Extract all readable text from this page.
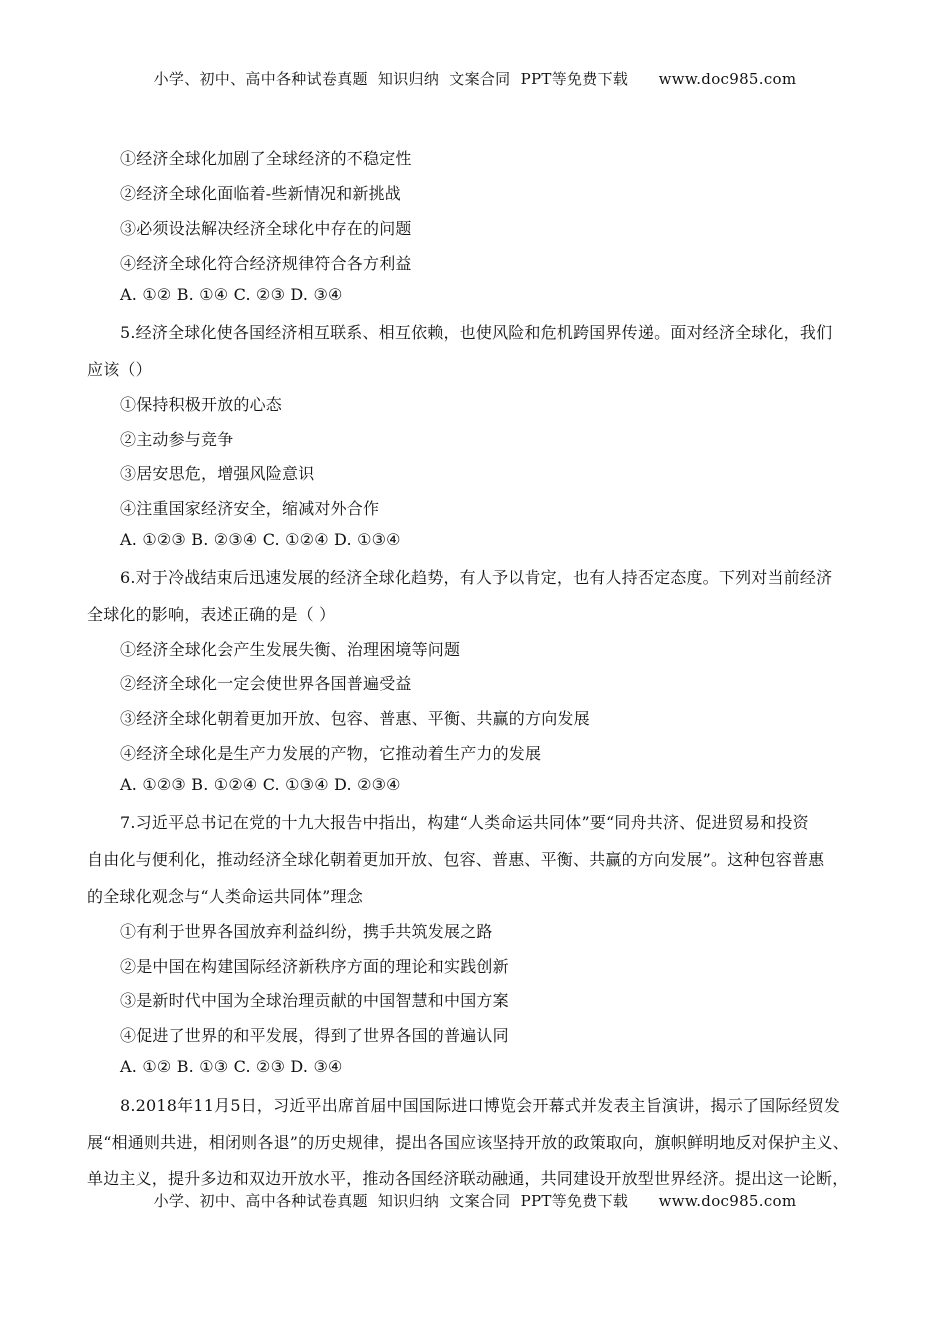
小学、初中、高中各种试卷真题  知识归纳  文案合同  PPT等免费下载      www.doc985.com
①经济全球化加剧了全球经济的不稳定性
②经济全球化面临着-些新情况和新挑战
③必须设法解决经济全球化中存在的问题
④经济全球化符合经济规律符合各方利益
A. ①② B. ①④ C. ②③ D. ③④
5.经济全球化使各国经济相互联系、相互依赖，也使风险和危机跨国界传递。面对经济全球化，我们
应该（）
①保持积极开放的心态
②主动参与竞争
③居安思危，增强风险意识
④注重国家经济安全，缩减对外合作
A. ①②③ B. ②③④ C. ①②④ D. ①③④
6.对于冷战结束后迅速发展的经济全球化趋势，有人予以肯定，也有人持否定态度。下列对当前经济
全球化的影响，表述正确的是（ ）
①经济全球化会产生发展失衡、治理困境等问题
②经济全球化一定会使世界各国普遍受益
③经济全球化朝着更加开放、包容、普惠、平衡、共赢的方向发展
④经济全球化是生产力发展的产物，它推动着生产力的发展
A. ①②③ B. ①②④ C. ①③④ D. ②③④
7.习近平总书记在党的十九大报告中指出，构建“人类命运共同体”要“同舟共济、促进贸易和投资
自由化与便利化，推动经济全球化朝着更加开放、包容、普惠、平衡、共赢的方向发展”。这种包容普惠
的全球化观念与“人类命运共同体”理念
①有利于世界各国放弃利益纠纷，携手共筑发展之路
②是中国在构建国际经济新秩序方面的理论和实践创新
③是新时代中国为全球治理贡献的中国智慧和中国方案
④促进了世界的和平发展，得到了世界各国的普遍认同
A. ①② B. ①③ C. ②③ D. ③④
8.2018年11月5日，习近平出席首届中国国际进口博览会开幕式并发表主旨演讲，揭示了国际经贸发
展“相通则共进，相闭则各退”的历史规律，提出各国应该坚持开放的政策取向，旗帜鲜明地反对保护主义、
单边主义，提升多边和双边开放水平，推动各国经济联动融通，共同建设开放型世界经济。提出这一论断，
小学、初中、高中各种试卷真题  知识归纳  文案合同  PPT等免费下载      www.doc985.com
